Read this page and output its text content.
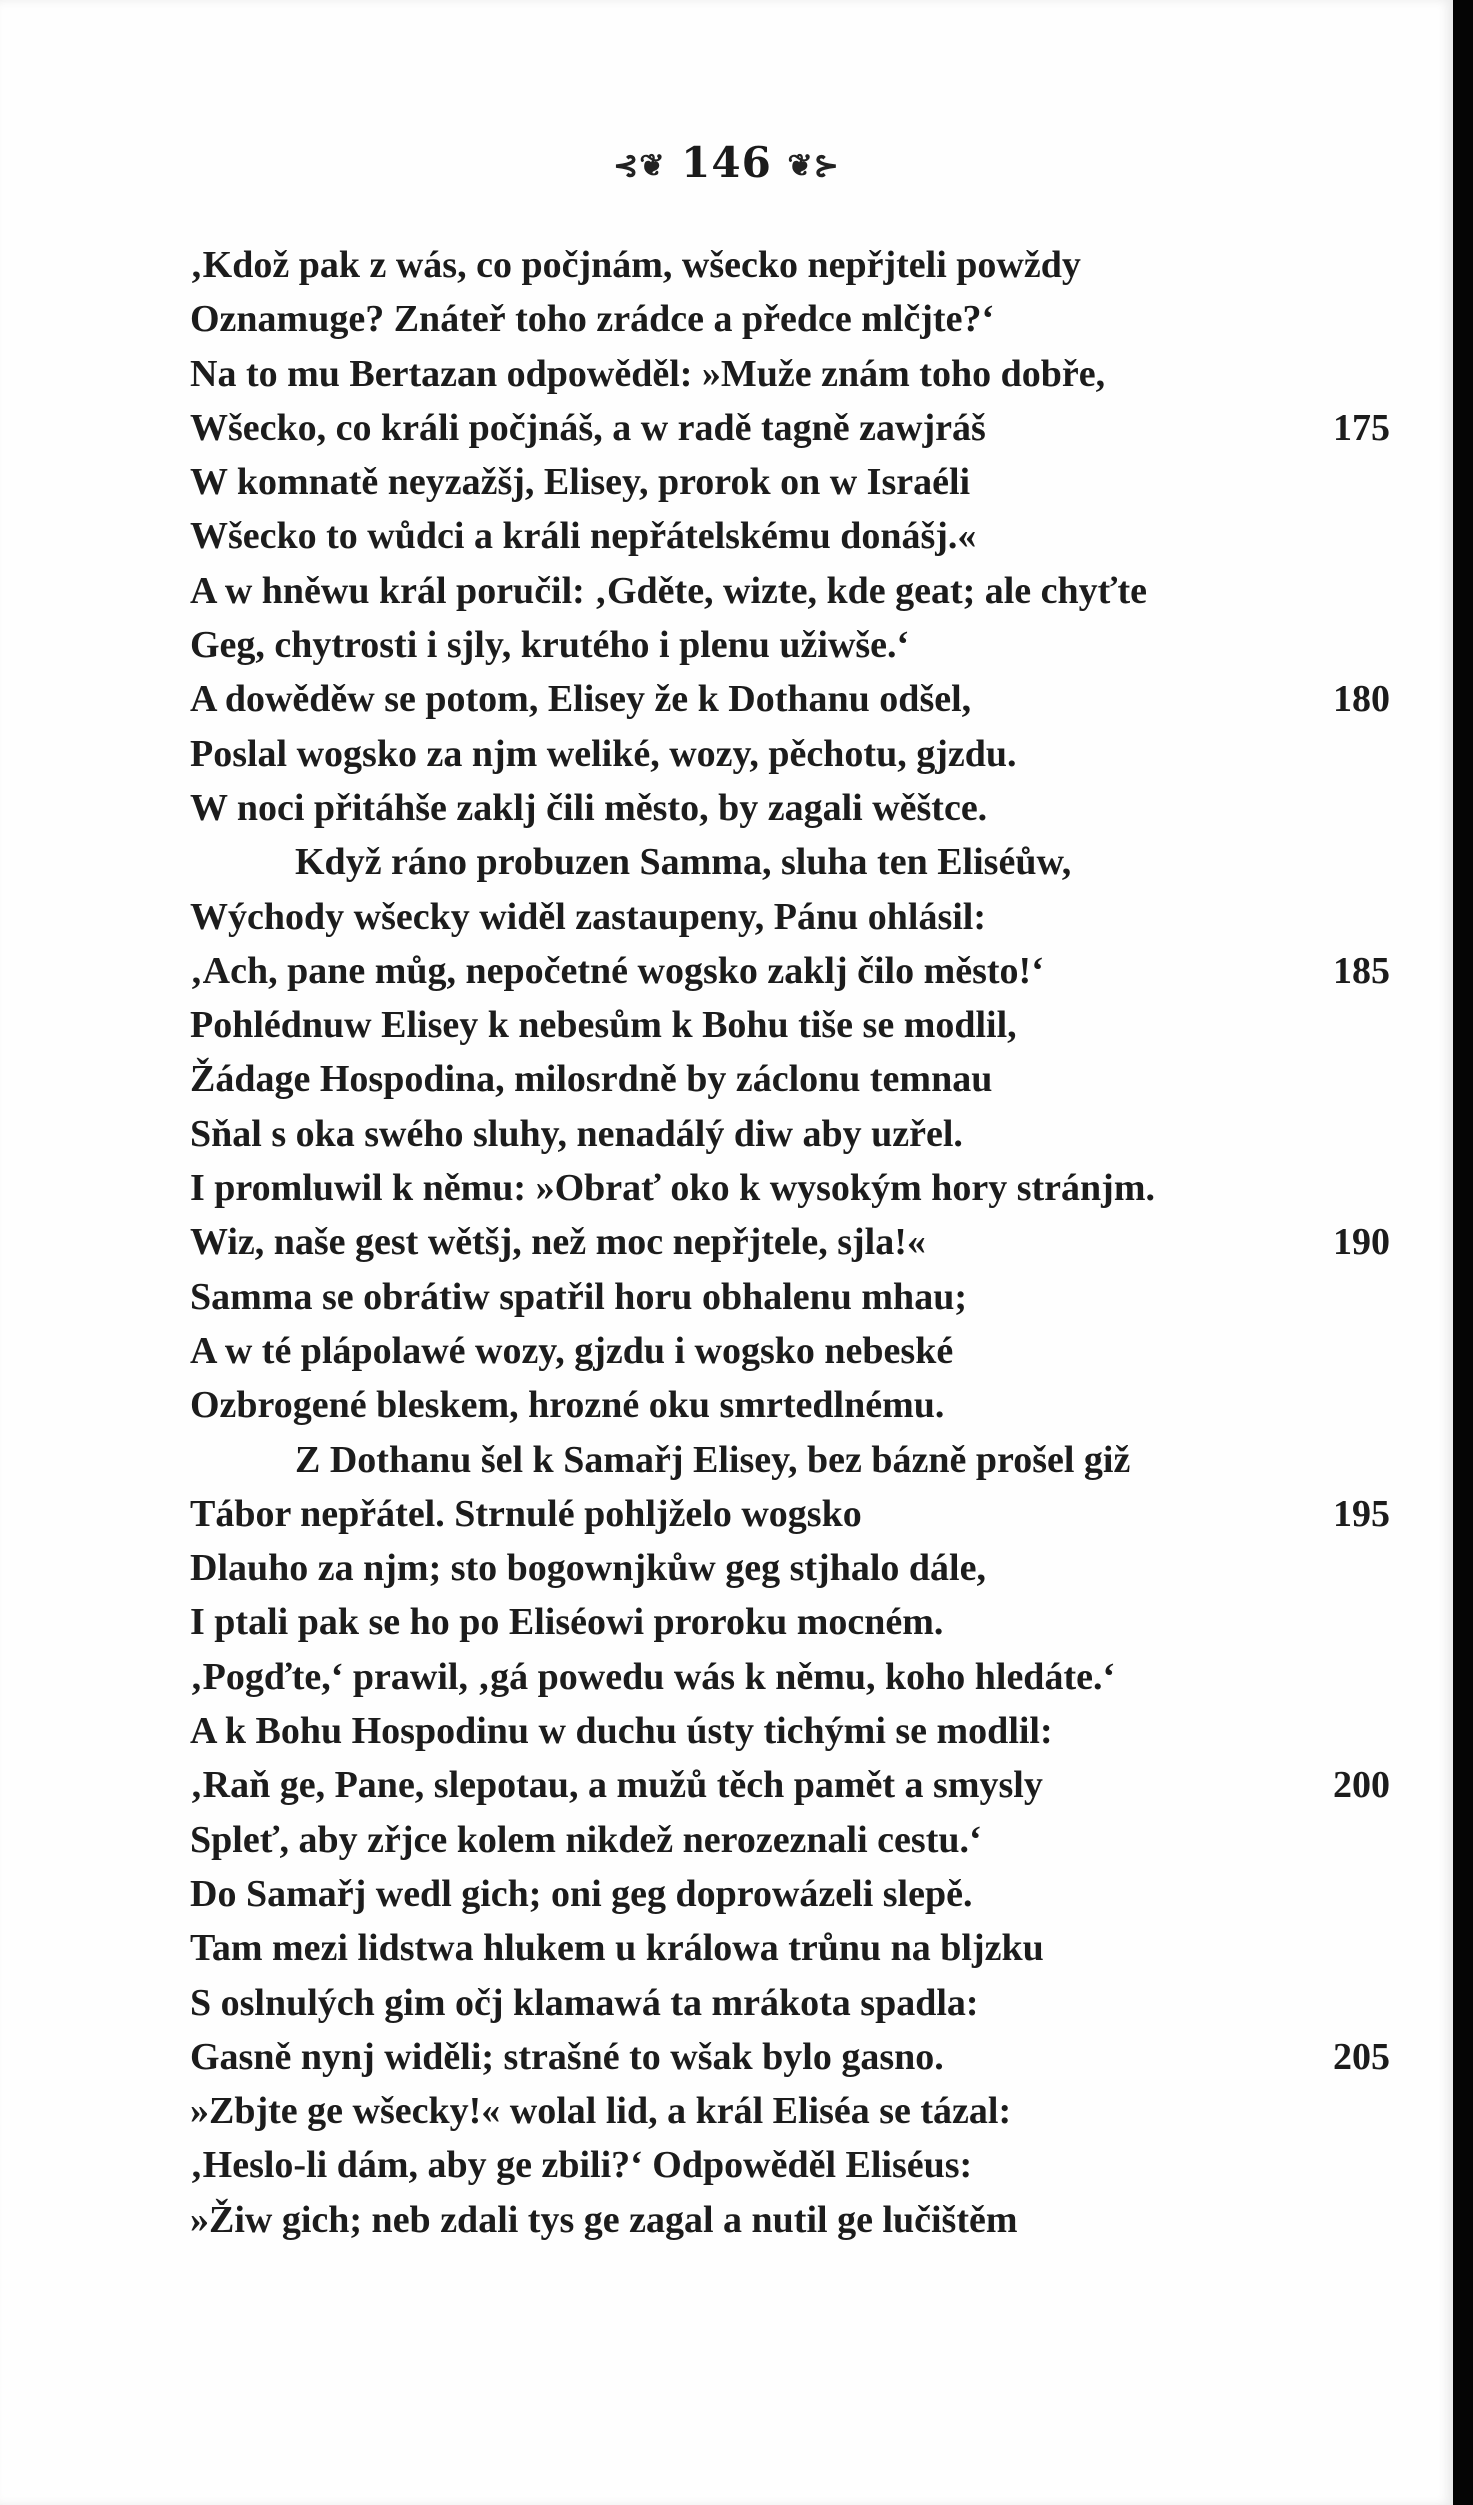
⊰❦ 146 ❦⊱
‚Kdož pak z wás, co počjnám, wšecko nepřjteli powždy
Oznamuge? Znáteř toho zrádce a předce mlčjte?‘
Na to mu Bertazan odpowěděl: »Muže znám toho dobře,
Wšecko, co králi počjnáš, a w radě tagně zawjráš	175
W komnatě neyzažšj, Elisey, prorok on w Israéli
Wšecko to wůdci a králi nepřátelskému donášj.«
A w hněwu král poručil: ‚Gděte, wizte, kde geat; ale chyťte
Geg, chytrosti i sjly, krutého i plenu užiwše.‘
A dowěděw se potom, Elisey že k Dothanu odšel,	180
Poslal wogsko za njm weliké, wozy, pěchotu, gjzdu.
W noci přitáhše zaklj čili město, by zagali wěštce.
Když ráno probuzen Samma, sluha ten Eliséůw,
Wýchody wšecky widěl zastaupeny, Pánu ohlásil:
‚Ach, pane můg, nepočetné wogsko zaklj čilo město!‘	185
Pohlédnuw Elisey k nebesům k Bohu tiše se modlil,
Žádage Hospodina, milosrdně by záclonu temnau
Sňal s oka swého sluhy, nenadálý diw aby uzřel.
I promluwil k němu: »Obrať oko k wysokým hory stránjm.
Wiz, naše gest wětšj, než moc nepřjtele, sjla!«	190
Samma se obrátiw spatřil horu obhalenu mhau;
A w té plápolawé wozy, gjzdu i wogsko nebeské
Ozbrogené bleskem, hrozné oku smrtedlnému.
Z Dothanu šel k Samařj Elisey, bez bázně prošel giž
Tábor nepřátel. Strnulé pohljželo wogsko	195
Dlauho za njm; sto bogownjkůw geg stjhalo dále,
I ptali pak se ho po Eliséowi proroku mocném.
‚Pogďte,‘ prawil, ‚gá powedu wás k němu, koho hledáte.‘
A k Bohu Hospodinu w duchu ústy tichými se modlil:
‚Raň ge, Pane, slepotau, a mužů těch pamět a smysly	200
Spleť, aby zřjce kolem nikdež nerozeznali cestu.‘
Do Samařj wedl gich; oni geg doprowázeli slepě.
Tam mezi lidstwa hlukem u králowa trůnu na bljzku
S oslnulých gim očj klamawá ta mrákota spadla:
Gasně nynj widěli; strašné to wšak bylo gasno.	205
»Zbjte ge wšecky!« wolal lid, a král Eliséa se tázal:
‚Heslo-li dám, aby ge zbili?‘ Odpowěděl Eliséus:
»Žiw gich; neb zdali tys ge zagal a nutil ge lučištěm
